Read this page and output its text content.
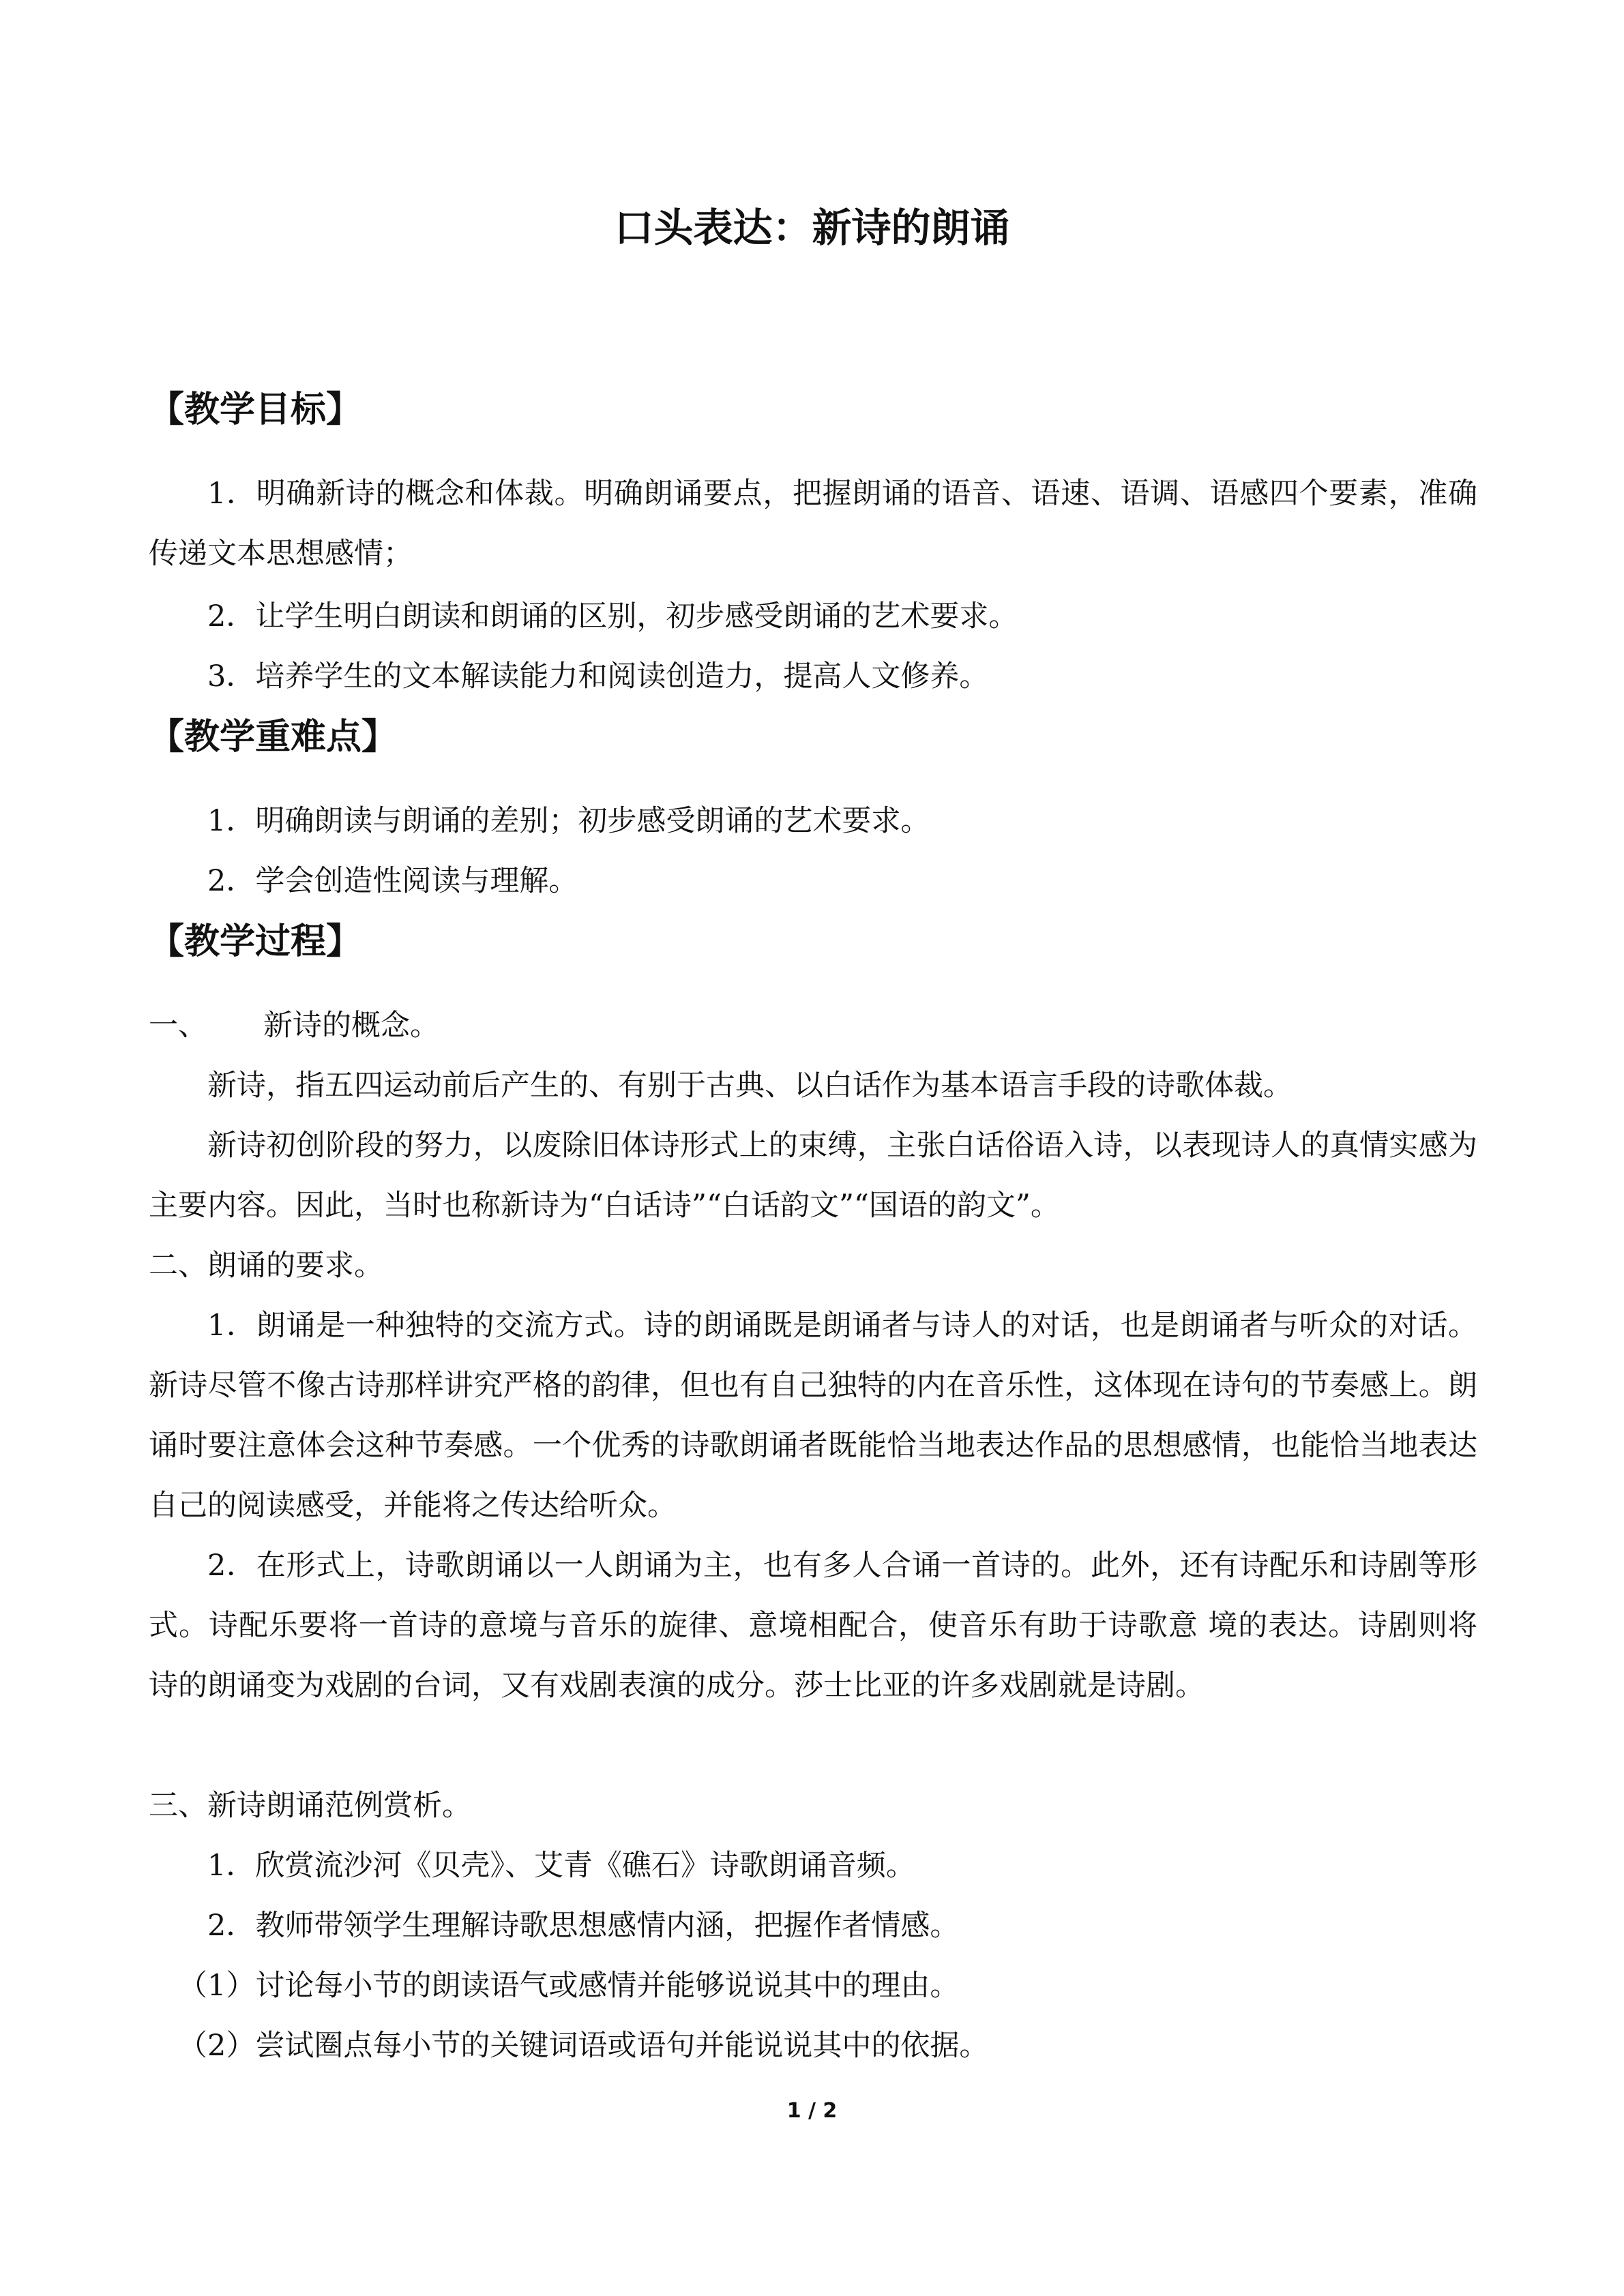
口头表达：新诗的朗诵
【教学目标】

1．明确新诗的概念和体裁。明确朗诵要点，把握朗诵的语音、语速、语调、语感四个要素，准确传递文本思想感情；

2．让学生明白朗读和朗诵的区别，初步感受朗诵的艺术要求。

3．培养学生的文本解读能力和阅读创造力，提高人文修养。

【教学重难点】

1．明确朗读与朗诵的差别；初步感受朗诵的艺术要求。

2．学会创造性阅读与理解。

【教学过程】

一、 新诗的概念。

新诗，指五四运动前后产生的、有别于古典、以白话作为基本语言手段的诗歌体裁。

新诗初创阶段的努力，以废除旧体诗形式上的束缚，主张白话俗语入诗，以表现诗人的真情实感为主要内容。因此，当时也称新诗为“白话诗”“白话韵文”“国语的韵文”。

二、朗诵的要求。

1．朗诵是一种独特的交流方式。诗的朗诵既是朗诵者与诗人的对话，也是朗诵者与听众的对话。新诗尽管不像古诗那样讲究严格的韵律，但也有自己独特的内在音乐性，这体现在诗句的节奏感上。朗诵时要注意体会这种节奏感。一个优秀的诗歌朗诵者既能恰当地表达作品的思想感情，也能恰当地表达自己的阅读感受，并能将之传达给听众。

2．在形式上，诗歌朗诵以一人朗诵为主，也有多人合诵一首诗的。此外，还有诗配乐和诗剧等形式。诗配乐要将一首诗的意境与音乐的旋律、意境相配合，使音乐有助于诗歌意 境的表达。诗剧则将诗的朗诵变为戏剧的台词，又有戏剧表演的成分。莎士比亚的许多戏剧就是诗剧。

三、新诗朗诵范例赏析。

1．欣赏流沙河《贝壳》、艾青《礁石》诗歌朗诵音频。

2．教师带领学生理解诗歌思想感情内涵，把握作者情感。

（1）讨论每小节的朗读语气或感情并能够说说其中的理由。

（2）尝试圈点每小节的关键词语或语句并能说说其中的依据。

1 / 2
